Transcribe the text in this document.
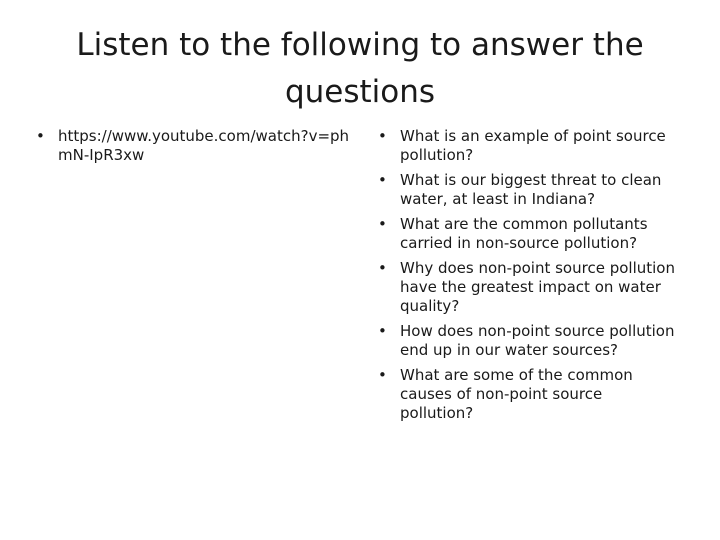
Listen to the following to answer the questions
• https://www.youtube.com/watch?v=phmN-IpR3xw
• What is an example of point source pollution?
• What is our biggest threat to clean water, at least in Indiana?
• What are the common pollutants carried in non-source pollution?
• Why does non-point source pollution have the greatest impact on water quality?
• How does non-point source pollution end up in our water sources?
• What are some of the common causes of non-point source pollution?
